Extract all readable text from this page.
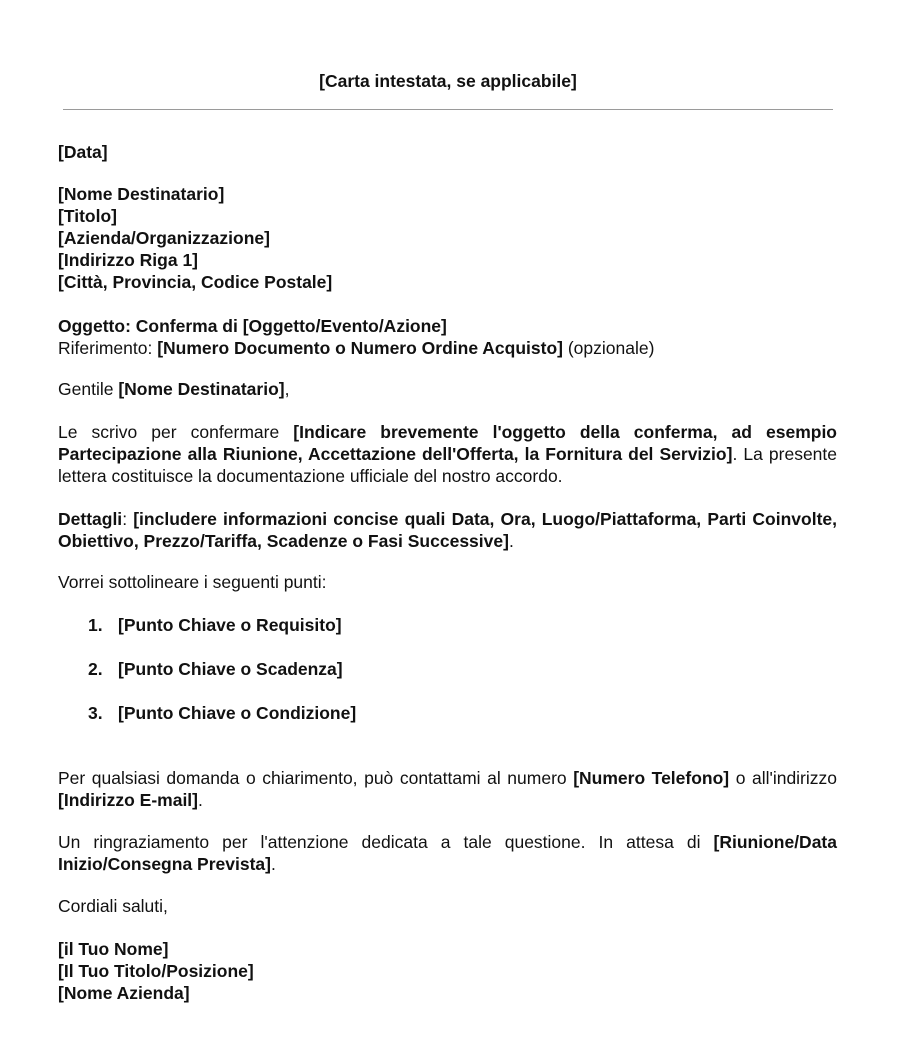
[Carta intestata, se applicabile]
[Data]
[Nome Destinatario]
[Titolo]
[Azienda/Organizzazione]
[Indirizzo Riga 1]
[Città, Provincia, Codice Postale]
Oggetto: Conferma di [Oggetto/Evento/Azione]
Riferimento: [Numero Documento o Numero Ordine Acquisto] (opzionale)
Gentile [Nome Destinatario],
Le scrivo per confermare [Indicare brevemente l'oggetto della conferma, ad esempio Partecipazione alla Riunione, Accettazione dell'Offerta, la Fornitura del Servizio]. La presente lettera costituisce la documentazione ufficiale del nostro accordo.
Dettagli: [includere informazioni concise quali Data, Ora, Luogo/Piattaforma, Parti Coinvolte, Obiettivo, Prezzo/Tariffa, Scadenze o Fasi Successive].
Vorrei sottolineare i seguenti punti:
1. [Punto Chiave o Requisito]
2. [Punto Chiave o Scadenza]
3. [Punto Chiave o Condizione]
Per qualsiasi domanda o chiarimento, può contattami al numero [Numero Telefono] o all'indirizzo [Indirizzo E-mail].
Un ringraziamento per l'attenzione dedicata a tale questione. In attesa di [Riunione/Data Inizio/Consegna Prevista].
Cordiali saluti,
[il Tuo Nome]
[Il Tuo Titolo/Posizione]
[Nome Azienda]
